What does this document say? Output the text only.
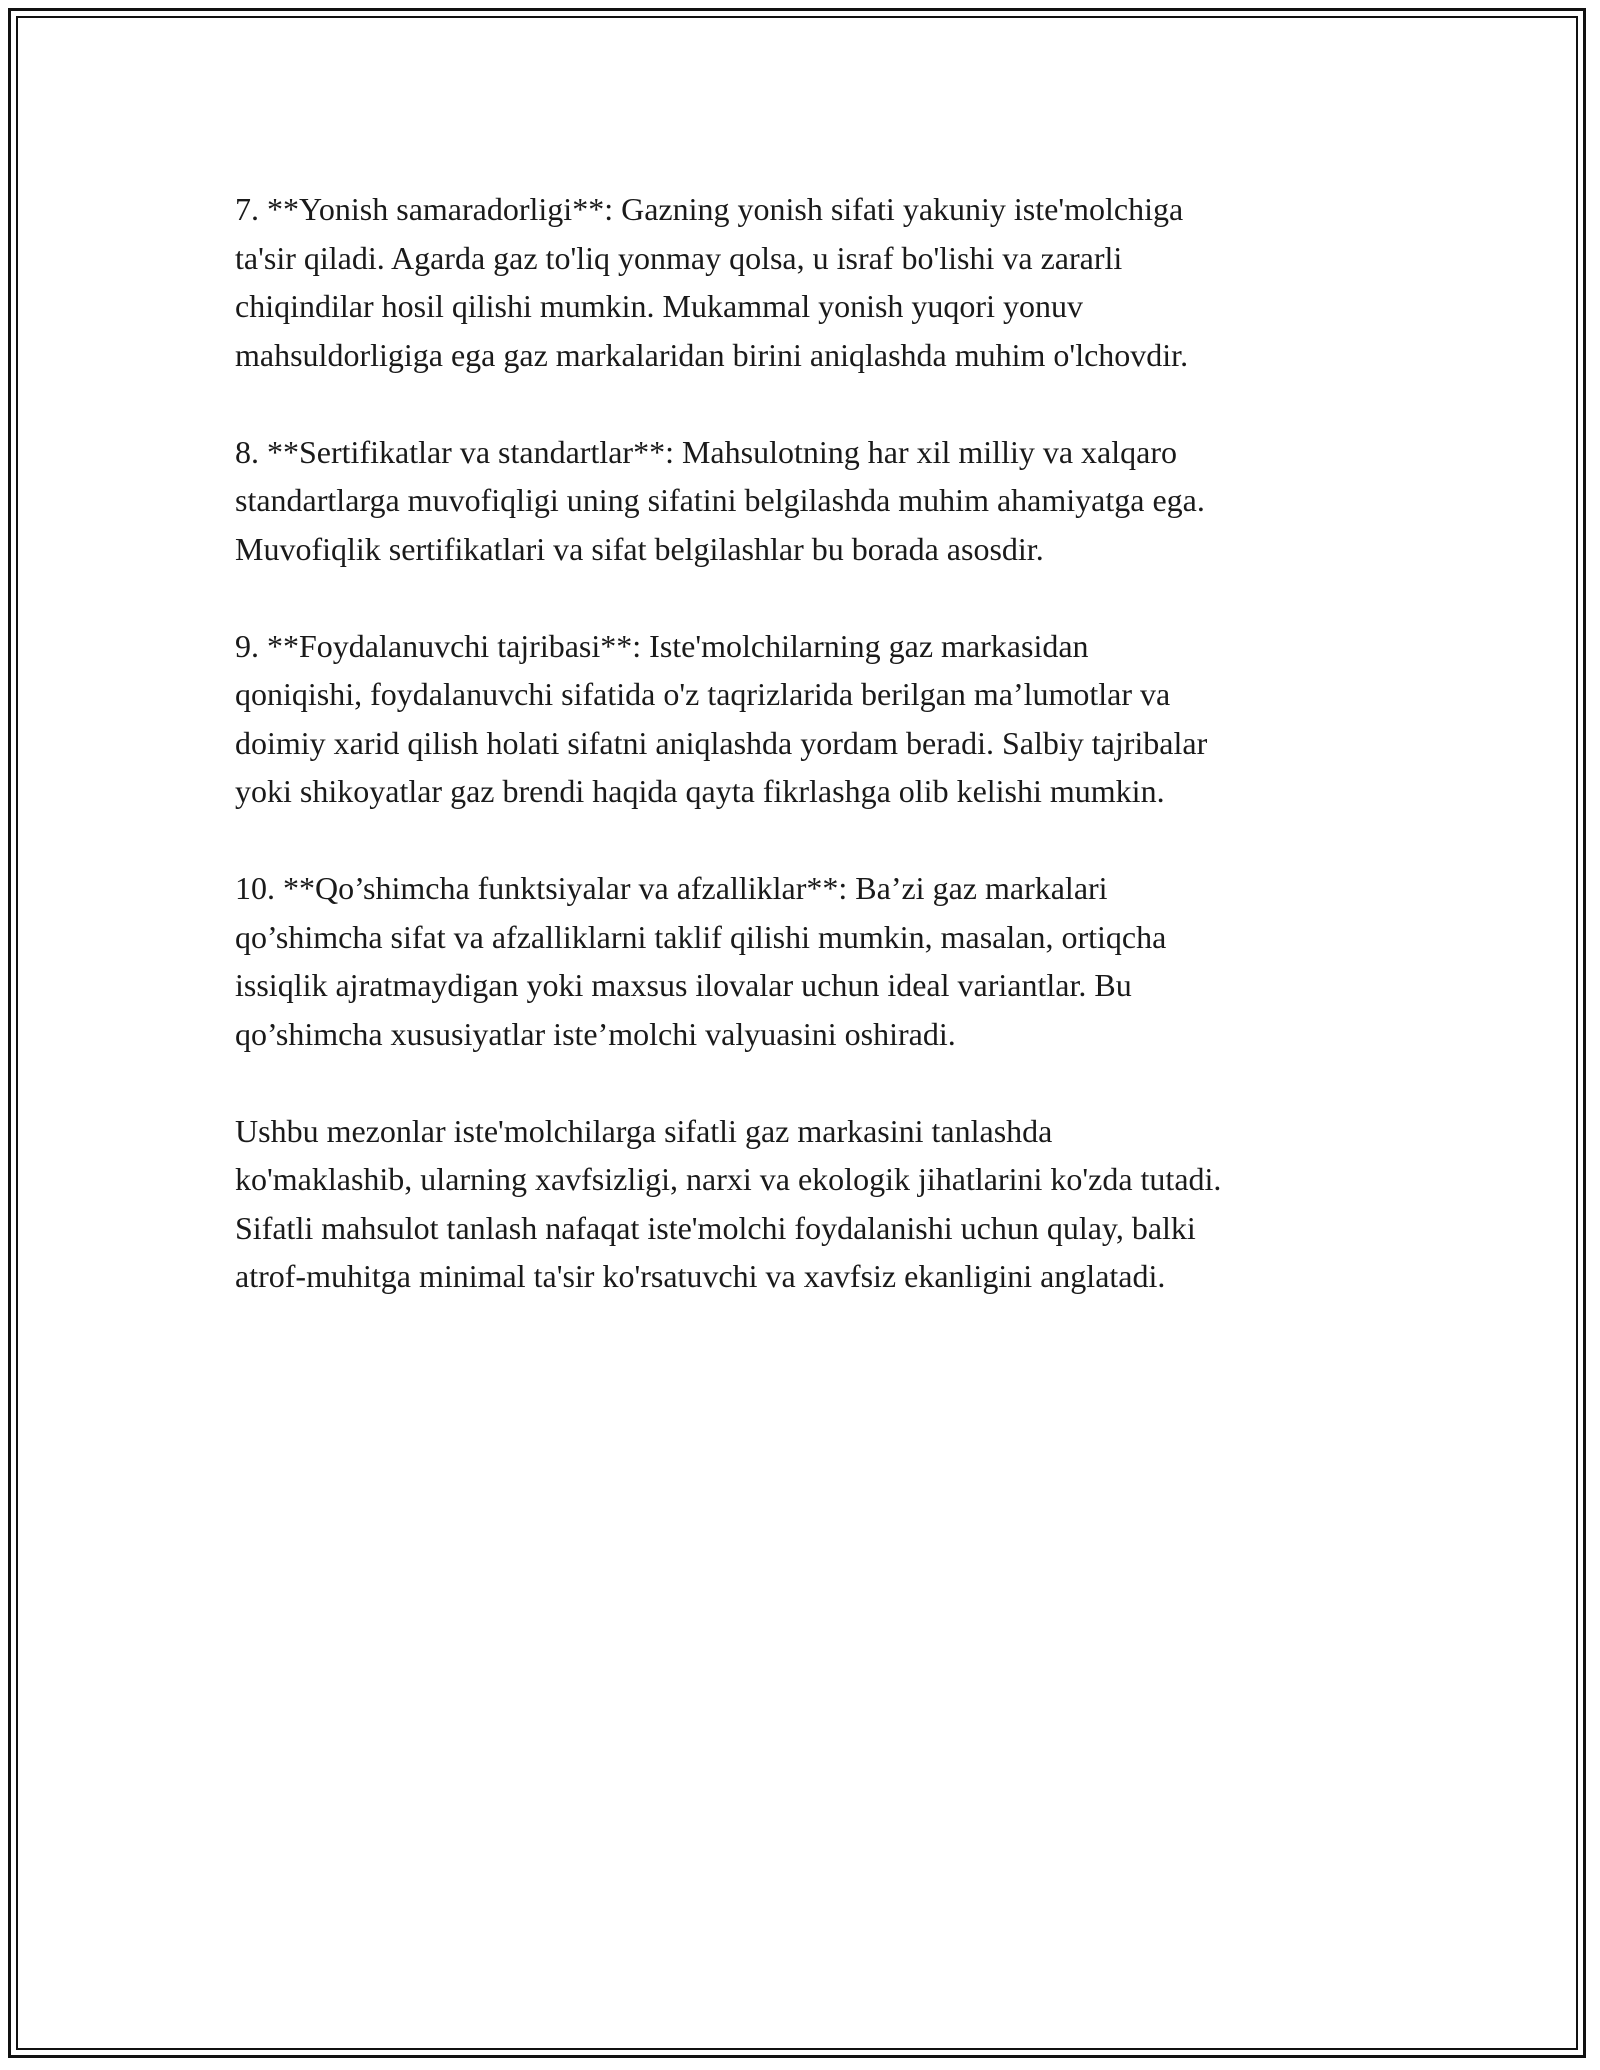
7. **Yonish samaradorligi**: Gazning yonish sifati yakuniy iste'molchiga
ta'sir qiladi. Agarda gaz to'liq yonmay qolsa, u israf bo'lishi va zararli
chiqindilar hosil qilishi mumkin. Mukammal yonish yuqori yonuv
mahsuldorligiga ega gaz markalaridan birini aniqlashda muhim o'lchovdir.

8. **Sertifikatlar va standartlar**: Mahsulotning har xil milliy va xalqaro
standartlarga muvofiqligi uning sifatini belgilashda muhim ahamiyatga ega.
Muvofiqlik sertifikatlari va sifat belgilashlar bu borada asosdir.

9. **Foydalanuvchi tajribasi**: Iste'molchilarning gaz markasidan
qoniqishi, foydalanuvchi sifatida o'z taqrizlarida berilgan ma’lumotlar va
doimiy xarid qilish holati sifatni aniqlashda yordam beradi. Salbiy tajribalar
yoki shikoyatlar gaz brendi haqida qayta fikrlashga olib kelishi mumkin.

10. **Qo’shimcha funktsiyalar va afzalliklar**: Ba’zi gaz markalari
qo’shimcha sifat va afzalliklarni taklif qilishi mumkin, masalan, ortiqcha
issiqlik ajratmaydigan yoki maxsus ilovalar uchun ideal variantlar. Bu
qo’shimcha xususiyatlar iste’molchi valyuasini oshiradi.

Ushbu mezonlar iste'molchilarga sifatli gaz markasini tanlashda
ko'maklashib, ularning xavfsizligi, narxi va ekologik jihatlarini ko'zda tutadi.
Sifatli mahsulot tanlash nafaqat iste'molchi foydalanishi uchun qulay, balki
atrof-muhitga minimal ta'sir ko'rsatuvchi va xavfsiz ekanligini anglatadi.
